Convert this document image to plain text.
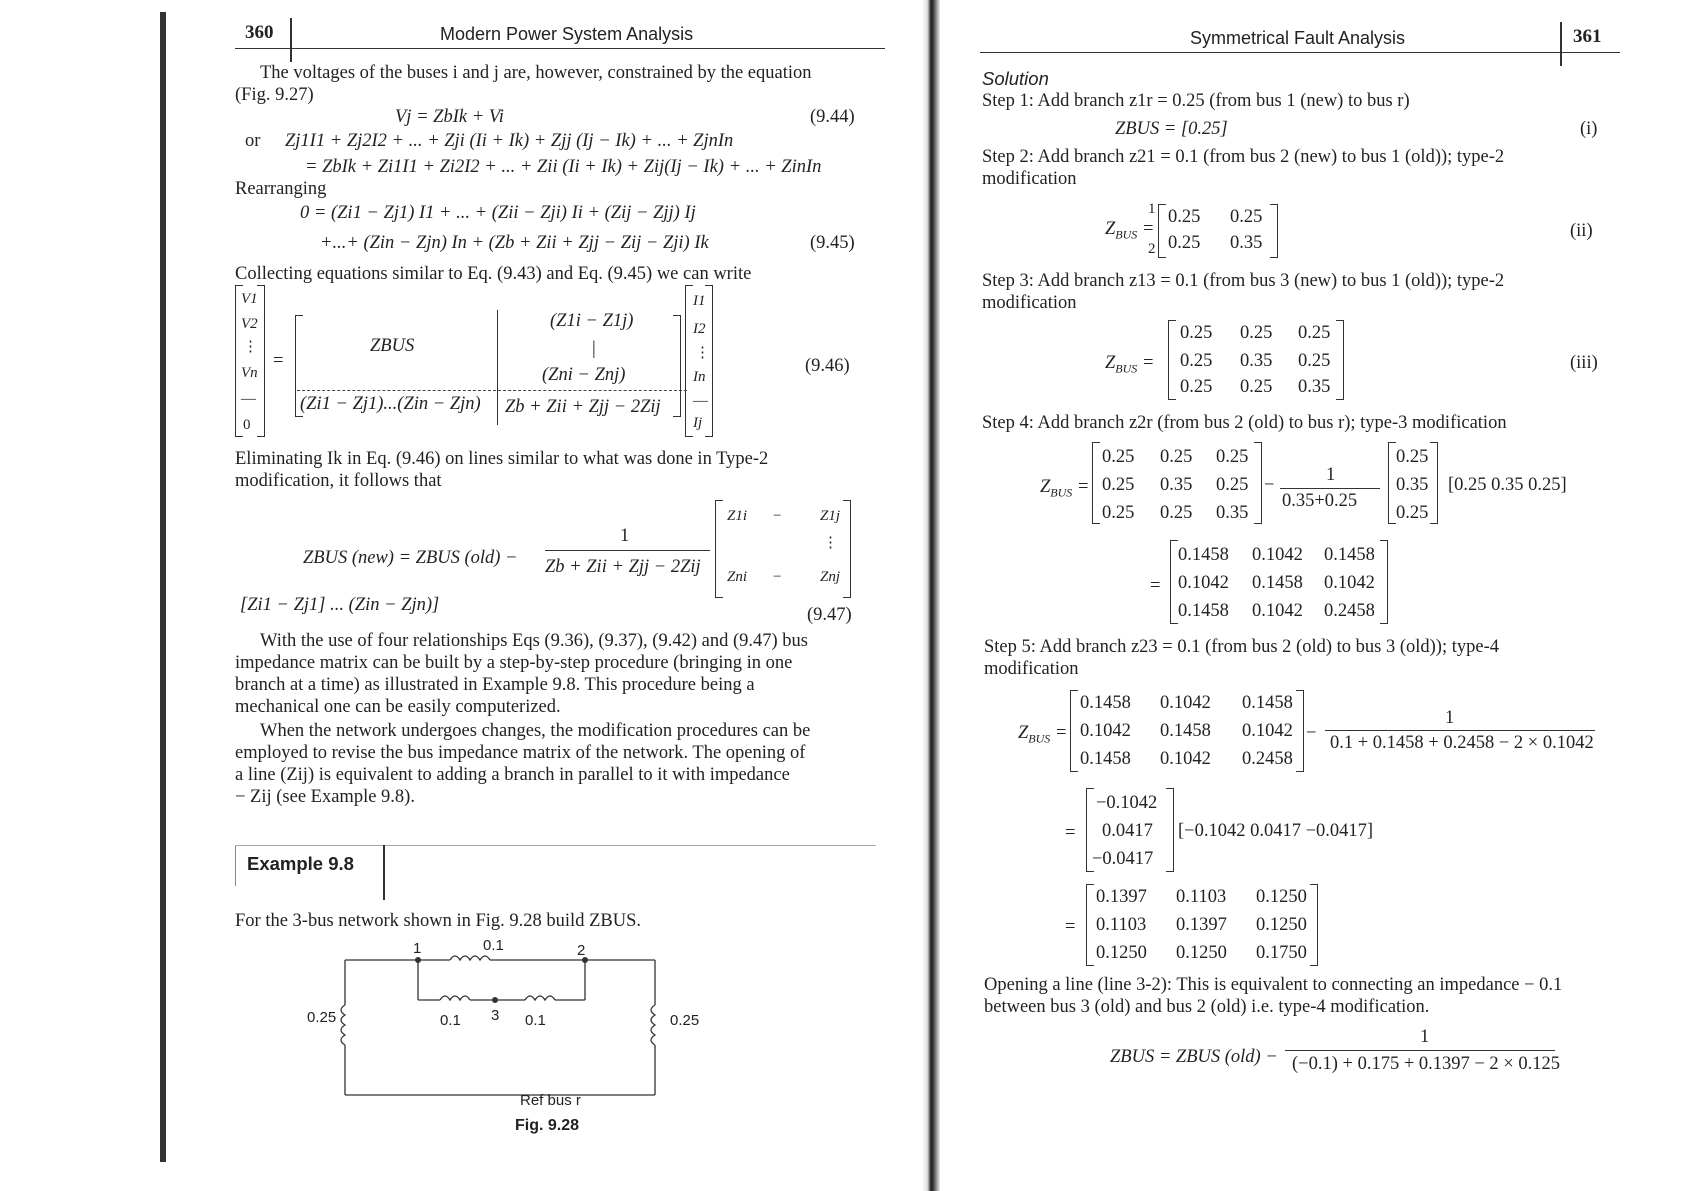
360	Modern Power System Analysis
The voltages of the buses i and j are, however, constrained by the equation
(Fig. 9.27)
Vj = ZbIk + Vi	(9.44)
or Zj1I1 + Zj2I2 + ... + Zji (Ii + Ik) + Zjj (Ij − Ik) + ... + ZjnIn
= ZbIk + Zi1I1 + Zi2I2 + ... + Zii (Ii + Ik) + Zij(Ij − Ik) + ... + ZinIn
Rearranging
0 = (Zi1 − Zj1) I1 + ... + (Zii − Zji) Ii + (Zij − Zjj) Ij
+...+ (Zin − Zjn) In + (Zb + Zii + Zjj − Zij − Zji) Ik	(9.45)
Collecting equations similar to Eq. (9.43) and Eq. (9.45) we can write
V1
V2
⋮
Vn
—
0
=
ZBUS
(Z1i − Z1j)
|
(Zni − Znj)
(Zi1 − Zj1)...(Zin − Zjn) Zb + Zii + Zjj − 2Zij
I1
I2
⋮
In
—
Ij
(9.46)
Eliminating Ik in Eq. (9.46) on lines similar to what was done in Type-2
modification, it follows that
ZBUS (new) = ZBUS (old) −
1
Zb + Zii + Zjj − 2Zij
Z1i −	Z1j
⋮
Zni −	Znj
[Zi1 − Zj1] ... (Zin − Zjn)]	(9.47)
With the use of four relationships Eqs (9.36), (9.37), (9.42) and (9.47) bus
impedance matrix can be built by a step-by-step procedure (bringing in one
branch at a time) as illustrated in Example 9.8. This procedure being a
mechanical one can be easily computerized.
When the network undergoes changes, the modification procedures can be
employed to revise the bus impedance matrix of the network. The opening of
a line (Zij) is equivalent to adding a branch in parallel to it with impedance
− Zij (see Example 9.8).
Example 9.8
For the 3-bus network shown in Fig. 9.28 build ZBUS.
1	2
3
0.1
0.1	0.1
0.25	0.25
Ref bus r
Fig. 9.28
Symmetrical Fault Analysis	361
Solution
Step 1: Add branch z1r = 0.25 (from bus 1 (new) to bus r)
ZBUS = [0.25]	(i)
Step 2: Add branch z21 = 0.1 (from bus 2 (new) to bus 1 (old)); type-2
modification
$Z_{BUS}$ =
1
2
0.25 0.25
0.25 0.35
(ii)
Step 3: Add branch z13 = 0.1 (from bus 3 (new) to bus 1 (old)); type-2
modification
$Z_{BUS}$ =
0.25 0.25 0.25
0.25 0.35 0.25
0.25 0.25 0.35
(iii)
Step 4: Add branch z2r (from bus 2 (old) to bus r); type-3 modification
$Z_{BUS}$ =
0.25 0.25 0.25
0.25 0.35 0.25
0.25 0.25 0.35
−	1
0.35+0.25
0.25
0.35
0.25
[0.25 0.35 0.25]
=
0.1458 0.1042 0.1458
0.1042 0.1458 0.1042
0.1458 0.1042 0.2458
Step 5: Add branch z23 = 0.1 (from bus 2 (old) to bus 3 (old)); type-4
modification
$Z_{BUS}$ =
0.1458 0.1042 0.1458
0.1042 0.1458 0.1042
0.1458 0.1042 0.2458
−
1
0.1 + 0.1458 + 0.2458 − 2 × 0.1042
=
−0.1042
0.0417
−0.0417
[−0.1042 0.0417 −0.0417]
=
0.1397 0.1103 0.1250
0.1103 0.1397 0.1250
0.1250 0.1250 0.1750
Opening a line (line 3-2): This is equivalent to connecting an impedance − 0.1
between bus 3 (old) and bus 2 (old) i.e. type-4 modification.
ZBUS = ZBUS (old) −
1
(−0.1) + 0.175 + 0.1397 − 2 × 0.125
